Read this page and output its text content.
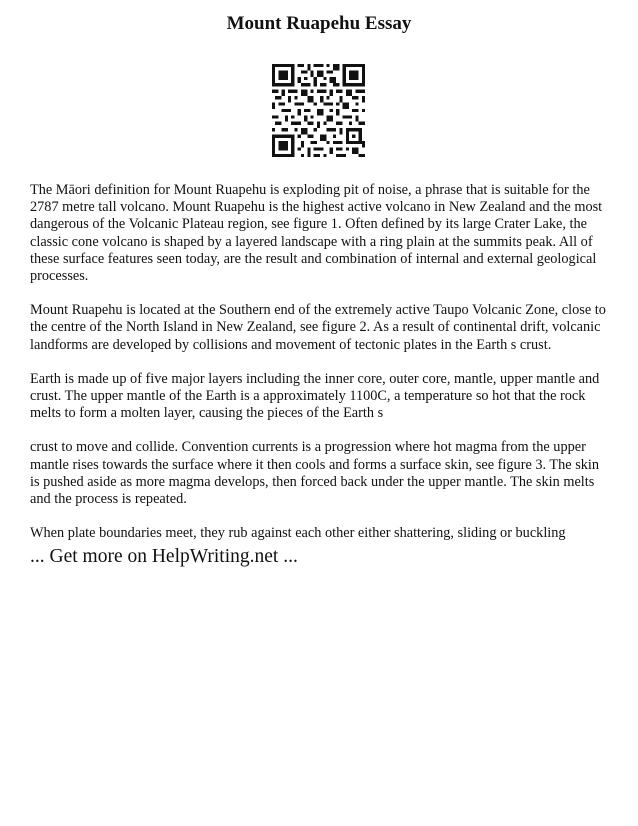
Mount Ruapehu Essay

The Māori definition for Mount Ruapehu is exploding pit of noise, a phrase that is suitable for the 2787 metre tall volcano. Mount Ruapehu is the highest active volcano in New Zealand and the most dangerous of the Volcanic Plateau region, see figure 1. Often defined by its large Crater Lake, the classic cone volcano is shaped by a layered landscape with a ring plain at the summits peak. All of these surface features seen today, are the result and combination of internal and external geological processes.

Mount Ruapehu is located at the Southern end of the extremely active Taupo Volcanic Zone, close to the centre of the North Island in New Zealand, see figure 2. As a result of continental drift, volcanic landforms are developed by collisions and movement of tectonic plates in the Earth s crust.

Earth is made up of five major layers including the inner core, outer core, mantle, upper mantle and crust. The upper mantle of the Earth is a approximately 1100C, a temperature so hot that the rock melts to form a molten layer, causing the pieces of the Earth s

crust to move and collide. Convention currents is a progression where hot magma from the upper mantle rises towards the surface where it then cools and forms a surface skin, see figure 3. The skin is pushed aside as more magma develops, then forced back under the upper mantle. The skin melts and the process is repeated.

When plate boundaries meet, they rub against each other either shattering, sliding or buckling

... Get more on HelpWriting.net ...
